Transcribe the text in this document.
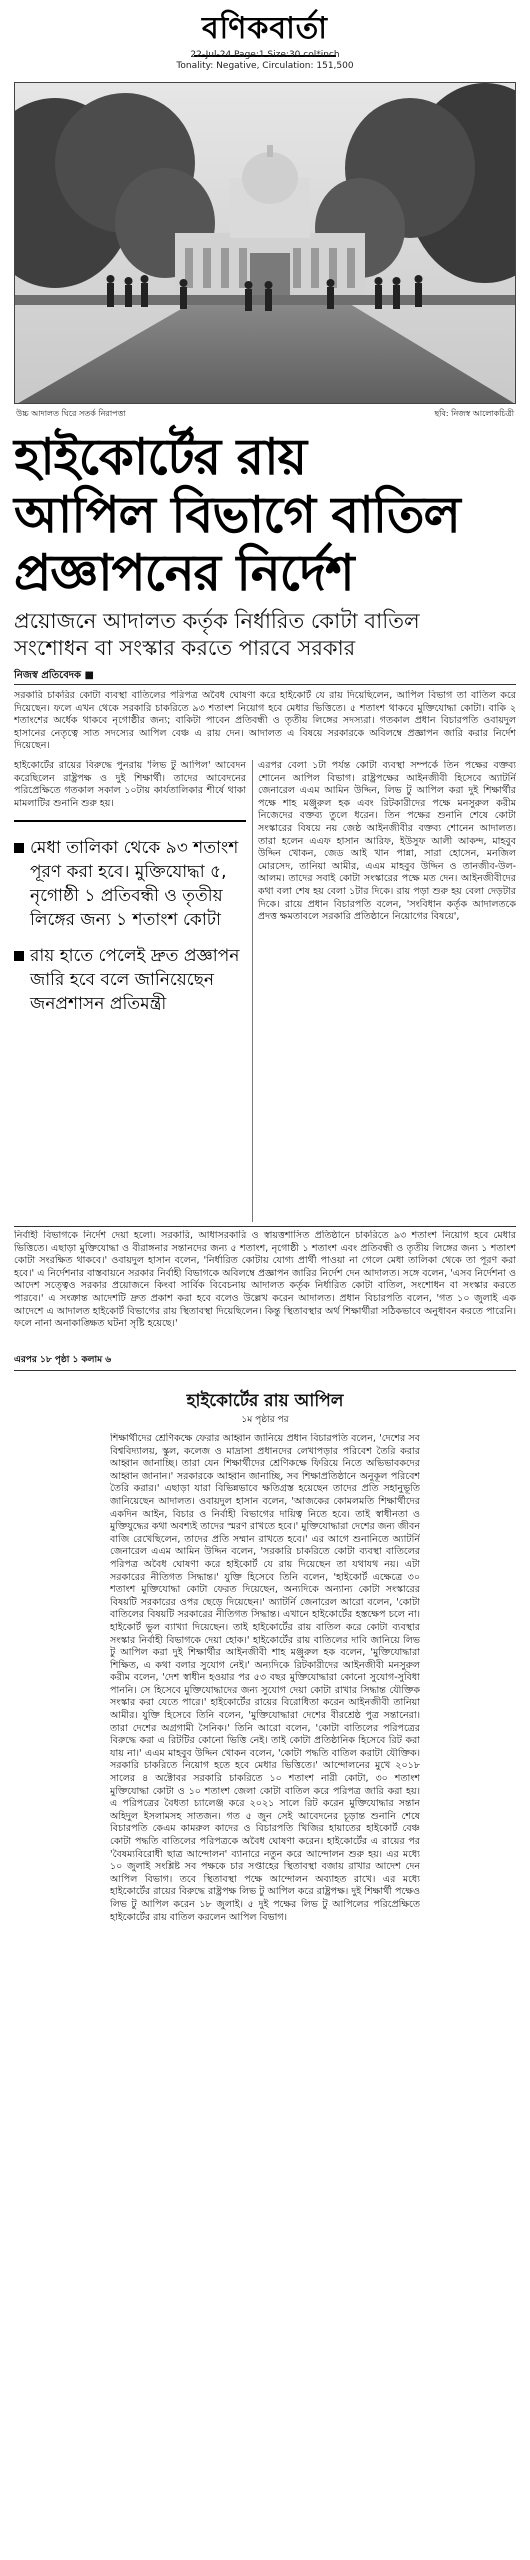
বণিকবার্তা
22-Jul-24 Page:1 Size:30 col*inch
Tonality: Negative, Circulation: 151,500
উচ্চ আদালত ঘিরে সতর্ক নিরাপত্তা	ছবি: নিজস্ব আলোকচিত্রী
হাইকোর্টের রায়
আপিল বিভাগে বাতিল
প্রজ্ঞাপনের নির্দেশ
প্রয়োজনে আদালত কর্তৃক নির্ধারিত কোটা বাতিল
সংশোধন বা সংস্কার করতে পারবে সরকার
নিজস্ব প্রতিবেদক ■
সরকারি চাকরির কোটা ব্যবস্থা বাতিলের পরিপত্র অবৈধ ঘোষণা করে হাইকোর্ট যে রায় দিয়েছিলেন, আপিল বিভাগ তা বাতিল করে দিয়েছেন। ফলে এখন থেকে সরকারি চাকরিতে ৯৩ শতাংশ নিয়োগ হবে মেধার ভিত্তিতে। ৫ শতাংশ থাকবে মুক্তিযোদ্ধা কোটা। বাকি ২ শতাংশের অর্ধেক থাকবে নৃগোষ্ঠীর জন্য; বাকিটা পাবেন প্রতিবন্ধী ও তৃতীয় লিঙ্গের সদস্যরা। গতকাল প্রধান বিচারপতি ওবায়দুল হাসানের নেতৃত্বে সাত সদস্যের আপিল বেঞ্চ এ রায় দেন। আদালত এ বিষয়ে সরকারকে অবিলম্বে প্রজ্ঞাপন জারি করার নির্দেশ দিয়েছেন।
হাইকোর্টের রায়ের বিরুদ্ধে পুনরায় 'লিভ টু আপিল' আবেদন করেছিলেন রাষ্ট্রপক্ষ ও দুই শিক্ষার্থী। তাদের আবেদনের পরিপ্রেক্ষিতে গতকাল সকাল ১০টায় কার্যতালিকার শীর্ষে থাকা মামলাটির শুনানি শুরু হয়।
মেধা তালিকা থেকে ৯৩ শতাংশ পূরণ করা হবে। মুক্তিযোদ্ধা ৫, নৃগোষ্ঠী ১ প্রতিবন্ধী ও তৃতীয় লিঙ্গের জন্য ১ শতাংশ কোটা
রায় হাতে পেলেই দ্রুত প্রজ্ঞাপন জারি হবে বলে জানিয়েছেন জনপ্রশাসন প্রতিমন্ত্রী
এরপর বেলা ১টা পর্যন্ত কোটা ব্যবস্থা সম্পর্কে তিন পক্ষের বক্তব্য শোনেন আপিল বিভাগ। রাষ্ট্রপক্ষের আইনজীবী হিসেবে অ্যাটর্নি জেনারেল এএম আমিন উদ্দিন, লিভ টু আপিল করা দুই শিক্ষার্থীর পক্ষে শাহ মঞ্জুরুল হক এবং রিটকারীদের পক্ষে মনসুরুল করীম নিজেদের বক্তব্য তুলে ধরেন। তিন পক্ষের শুনানি শেষে কোটা সংস্কারের বিষয়ে নয় জেষ্ঠ আইনজীবীর বক্তব্য শোনেন আদালত। তারা হলেন এএফ হাসান আরিফ, ইউসুফ আলী আকন্দ, মাহবুব উদ্দিন খোকন, জেড আই খান পান্না, সারা হোসেন, মনজিল মোরসেদ, তানিয়া আমীর, এএম মাহবুব উদ্দিন ও তানজীব-উল-আলম। তাদের সবাই কোটা সংস্কারের পক্ষে মত দেন। আইনজীবীদের কথা বলা শেষ হয় বেলা ১টার দিকে। রায় পড়া শুরু হয় বেলা দেড়টার দিকে। রায়ে প্রধান বিচারপতি বলেন, 'সংবিধান কর্তৃক আদালতকে প্রদত্ত ক্ষমতাবলে সরকারি প্রতিষ্ঠানে নিয়োগের বিষয়ে',
নির্বাহী বিভাগকে নির্দেশ দেয়া হলো। সরকারি, আধাসরকারি ও স্বায়ত্তশাসিত প্রতিষ্ঠানে চাকরিতে ৯৩ শতাংশ নিয়োগ হবে মেধার ভিত্তিতে। এছাড়া মুক্তিযোদ্ধা ও বীরাঙ্গনার সন্তানদের জন্য ৫ শতাংশ, নৃগোষ্ঠী ১ শতাংশ এবং প্রতিবন্ধী ও তৃতীয় লিঙ্গের জন্য ১ শতাংশ কোটা সংরক্ষিত থাকবে।' ওবায়দুল হাসান বলেন, 'নির্ধারিত কোটায় যোগ্য প্রার্থী পাওয়া না গেলে মেধা তালিকা থেকে তা পূরণ করা হবে।' এ নির্দেশনার বাস্তবায়নে সরকার নির্বাহী বিভাগকে অবিলম্বে প্রজ্ঞাপন জারির নির্দেশ দেন আদালত। সঙ্গে বলেন, 'এসব নির্দেশনা ও আদেশ সত্ত্বেও সরকার প্রয়োজনে কিংবা সার্বিক বিবেচনায় আদালত কর্তৃক নির্ধারিত কোটা বাতিল, সংশোধন বা সংস্কার করতে পারবে।' এ সংক্রান্ত আদেশটি দ্রুত প্রকাশ করা হবে বলেও উল্লেখ করেন আদালত। প্রধান বিচারপতি বলেন, 'গত ১০ জুলাই এক আদেশে এ আদালত হাইকোর্ট বিভাগের রায় স্থিতাবস্থা দিয়েছিলেন। কিন্তু স্থিতাবস্থার অর্থ শিক্ষার্থীরা সঠিকভাবে অনুধাবন করতে পারেনি। ফলে নানা অনাকাঙ্ক্ষিত ঘটনা সৃষ্টি হয়েছে।'
এরপর ১৮ পৃষ্ঠা ১ কলাম ৬
হাইকোর্টের রায় আপিল
১ম পৃষ্ঠার পর
শিক্ষার্থীদের শ্রেণিকক্ষে ফেরার আহ্বান জানিয়ে প্রধান বিচারপতি বলেন, 'দেশের সব বিশ্ববিদ্যালয়, স্কুল, কলেজ ও মাদ্রাসা প্রধানদের লেখাপড়ার পরিবেশ তৈরি করার আহ্বান জানাচ্ছি। তারা যেন শিক্ষার্থীদের শ্রেণিকক্ষে ফিরিয়ে নিতে অভিভাবকদের আহ্বান জানান।' সরকারকে আহ্বান জানাচ্ছি, সব শিক্ষাপ্রতিষ্ঠানে অনুকূল পরিবেশ তৈরি করার।' এছাড়া যারা বিভিন্নভাবে ক্ষতিগ্রস্ত হয়েছেন তাদের প্রতি সহানুভূতি জানিয়েছেন আদালত। ওবায়দুল হাসান বলেন, 'আজকের কোমলমতি শিক্ষার্থীদের একদিন আইন, বিচার ও নির্বাহী বিভাগের দায়িত্ব নিতে হবে। তাই স্বাধীনতা ও মুক্তিযুদ্ধের কথা অবশ্যই তাদের স্মরণ রাখতে হবে।' মুক্তিযোদ্ধারা দেশের জন্য জীবন বাজি রেখেছিলেন, তাদের প্রতি সম্মান রাখতে হবে।' এর আগে শুনানিতে অ্যাটর্নি জেনারেল এএম আমিন উদ্দিন বলেন, 'সরকারি চাকরিতে কোটা ব্যবস্থা বাতিলের পরিপত্র অবৈধ ঘোষণা করে হাইকোর্ট যে রায় দিয়েছেন তা যথাযথ নয়। এটা সরকারের নীতিগত সিদ্ধান্ত।' যুক্তি হিসেবে তিনি বলেন, 'হাইকোর্ট এক্ষেত্রে ৩০ শতাংশ মুক্তিযোদ্ধা কোটা ফেরত দিয়েছেন, অন্যদিকে অন্যান্য কোটা সংস্কারের বিষয়টি সরকারের ওপর ছেড়ে দিয়েছেন।' অ্যাটর্নি জেনারেল আরো বলেন, 'কোটা বাতিলের বিষয়টি সরকারের নীতিগত সিদ্ধান্ত। এখানে হাইকোর্টের হস্তক্ষেপ চলে না। হাইকোর্ট ভুল ব্যাখ্যা দিয়েছেন। তাই হাইকোর্টের রায় বাতিল করে কোটা ব্যবস্থার সংস্কার নির্বাহী বিভাগকে দেয়া হোক।' হাইকোর্টের রায় বাতিলের দাবি জানিয়ে লিভ টু আপিল করা দুই শিক্ষার্থীর আইনজীবী শাহ মঞ্জুরুল হক বলেন, 'মুক্তিযোদ্ধারা শিক্ষিত, এ কথা বলার সুযোগ নেই।' অন্যদিকে রিটকারীদের আইনজীবী মনসুরুল করীম বলেন, 'দেশ স্বাধীন হওয়ার পর ৫৩ বছর মুক্তিযোদ্ধারা কোনো সুযোগ-সুবিধা পাননি। সে হিসেবে মুক্তিযোদ্ধাদের জন্য সুযোগ দেয়া কোটা রাখার সিদ্ধান্ত যৌক্তিক সংস্কার করা যেতে পারে।' হাইকোর্টের রায়ের বিরোধিতা করেন আইনজীবী তানিয়া আমীর। যুক্তি হিসেবে তিনি বলেন, 'মুক্তিযোদ্ধারা দেশের বীরশ্রেষ্ঠ পুত্র সন্তানেরা। তারা দেশের অগ্রগামী সৈনিক।' তিনি আরো বলেন, 'কোটা বাতিলের পরিপত্রের বিরুদ্ধে করা এ রিটটির কোনো ভিত্তি নেই। তাই কোটা প্রতিষ্ঠানিক হিসেবে রিট করা যায় না।' এএম মাহবুব উদ্দিন খোকন বলেন, 'কোটা পদ্ধতি বাতিল করাটা যৌক্তিক। সরকারি চাকরিতে নিয়োগ হতে হবে মেধার ভিত্তিতে।' আন্দোলনের মুখে ২০১৮ সালের ৪ অক্টোবর সরকারি চাকরিতে ১০ শতাংশ নারী কোটা, ৩০ শতাংশ মুক্তিযোদ্ধা কোটা ও ১০ শতাংশ জেলা কোটা বাতিল করে পরিপত্র জারি করা হয়। এ পরিপত্রের বৈধতা চ্যালেঞ্জ করে ২০২১ সালে রিট করেন মুক্তিযোদ্ধার সন্তান অহিদুল ইসলামসহ সাতজন। গত ৫ জুন সেই আবেদনের চূড়ান্ত শুনানি শেষে বিচারপতি কেএম কামরুল কাদের ও বিচারপতি খিজির হায়াতের হাইকোর্ট বেঞ্চ কোটা পদ্ধতি বাতিলের পরিপত্রকে অবৈধ ঘোষণা করেন। হাইকোর্টের এ রায়ের পর 'বৈষম্যবিরোধী ছাত্র আন্দোলন' ব্যানারে নতুন করে আন্দোলন শুরু হয়। এর মধ্যে ১০ জুলাই সংশ্লিষ্ট সব পক্ষকে চার সপ্তাহের স্থিতাবস্থা বজায় রাখার আদেশ দেন আপিল বিভাগ। তবে স্থিতাবস্থা পক্ষে আন্দোলন অব্যাহত রাখে। এর মধ্যে হাইকোর্টের রায়ের বিরুদ্ধে রাষ্ট্রপক্ষ লিভ টু আপিল করে রাষ্ট্রপক্ষ। দুই শিক্ষার্থী পক্ষেও লিভ টু আপিল করেন ১৮ জুলাই। ৫ দুই পক্ষের লিভ টু আপিলের পরিপ্রেক্ষিতে হাইকোর্টের রায় বাতিল করলেন আপিল বিভাগ।
